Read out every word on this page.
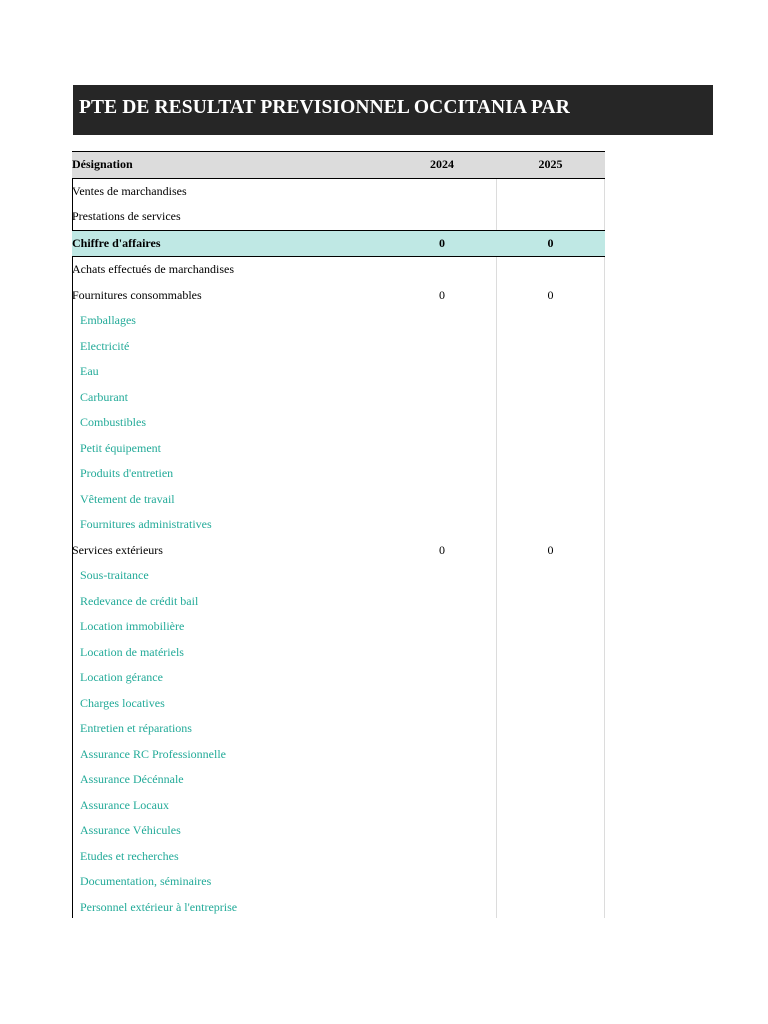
PTE DE RESULTAT PREVISIONNEL OCCITANIA PAR
Désignation	2024	2025
Ventes de marchandises		
Prestations de services		
Chiffre d'affaires	0	0
Achats effectués de marchandises		
Fournitures consommables	0	0
Emballages		
Electricité		
Eau		
Carburant		
Combustibles		
Petit équipement		
Produits d'entretien		
Vêtement de travail		
Fournitures administratives		
Services extérieurs	0	0
Sous-traitance		
Redevance de crédit bail		
Location immobilière		
Location de matériels		
Location gérance		
Charges locatives		
Entretien et réparations		
Assurance RC Professionnelle		
Assurance Décénnale		
Assurance Locaux		
Assurance Véhicules		
Etudes et recherches		
Documentation, séminaires		
Personnel extérieur à l'entreprise		
